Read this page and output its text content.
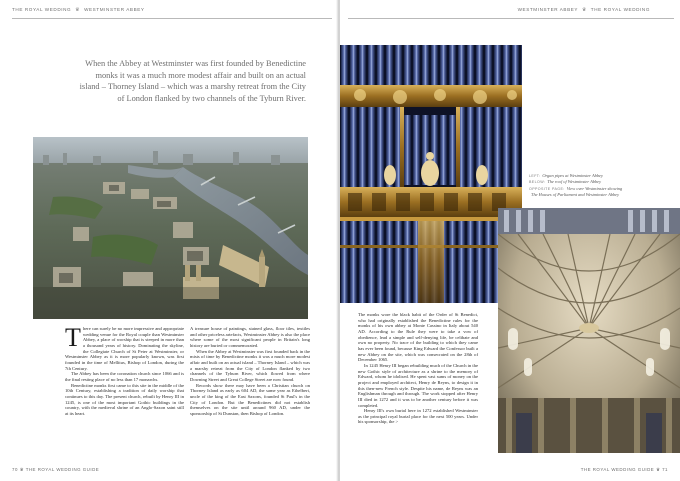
THE ROYAL WEDDING ♛ WESTMINSTER ABBEY
When the Abbey at Westminster was first founded by Benedictine monks it was a much more modest affair and built on an actual island – Thorney Island – which was a marshy retreat from the City of London flanked by two channels of the Tyburn River.

There can surely be no more impressive and appropriate wedding venue for the Royal couple than Westminster Abbey, a place of worship that is steeped in more than a thousand years of history. Dominating the skyline, the Collegiate Church of St Peter at Westminster, or Westminster Abbey as it is more popularly known, was first founded in the time of Mellitus, Bishop of London, during the 7th Century.

The Abbey has been the coronation church since 1066 and is the final resting place of no less than 17 monarchs.

Benedictine monks first came to this site in the middle of the 10th Century, establishing a tradition of daily worship that continues to this day. The present church, rebuilt by Henry III in 1245, is one of the most important Gothic buildings in the country, with the medieval shrine of an Anglo-Saxon saint still at its heart.

A treasure house of paintings, stained glass, floor tiles, textiles and other priceless artefacts, Westminster Abbey is also the place where some of the most significant people in Britain's long history are buried or commemorated.

When the Abbey at Westminster was first founded back in the mists of time by Benedictine monks it was a much more modest affair and built on an actual island – Thorney Island – which was a marshy retreat from the City of London flanked by two channels of the Tyburn River, which flowed from where Downing Street and Great College Street are now found.

Records show there may have been a Christian church on Thorney Island as early as 604 AD, the same year as Ethelbert, uncle of the king of the East Saxons, founded St Paul's in the City of London. But the Benedictines did not establish themselves on the site until around 960 AD, under the sponsorship of St Dunstan, then Bishop of London.

70 ♛ THE ROYAL WEDDING GUIDE
WESTMINSTER ABBEY ♛ THE ROYAL WEDDING
LEFT: Organ pipes at Westminster Abbey
BELOW: The roof of Westminster Abbey
OPPOSITE PAGE: View over Westminster showing
The Houses of Parliament and Westminster Abbey

The monks wore the black habit of the Order of St Benedict, who had originally established the Benedictine rules for the monks of his own abbey at Monte Cassino in Italy about 540 AD. According to the Rule they were to take a vow of obedience, lead a simple and self-denying life, be celibate and own no property. No trace of the building to which they came has ever been found, because King Edward the Confessor built a new Abbey on the site, which was consecrated on the 28th of December 1065.

In 1245 Henry III began rebuilding much of the Church in the new Gothic style of architecture as a shrine to the memory of Edward, whom he idolised. He spent vast sums of money on the project and employed architect, Henry de Reyns, to design it in this then-new French style. Despite his name, de Reyns was an Englishman through and through. The work stopped after Henry III died in 1272 and it was to be another century before it was completed.

Henry III's own burial here in 1272 established Westminster as the principal royal burial place for the next 500 years. Under his sponsorship, the >

THE ROYAL WEDDING GUIDE ♛ 71
